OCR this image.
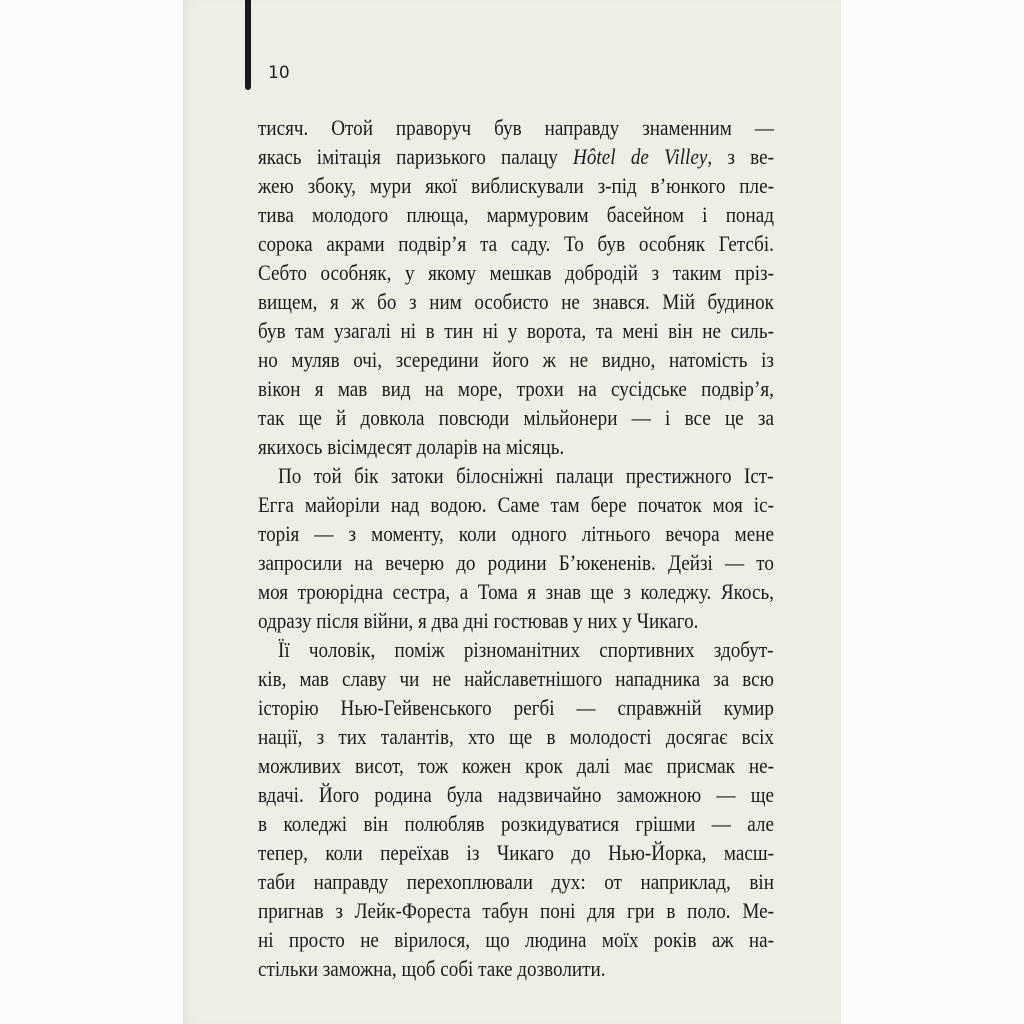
10
тисяч. Отой праворуч був направду знаменним —
якась імітація паризького палацу Hôtel de Villey, з ве-
жею збоку, мури якої виблискували з-під в’юнкого пле-
тива молодого плюща, мармуровим басейном і понад
сорока акрами подвір’я та саду. То був особняк Гетсбі.
Себто особняк, у якому мешкав добродій з таким пріз-
вищем, я ж бо з ним особисто не знався. Мій будинок
був там узагалі ні в тин ні у ворота, та мені він не силь-
но муляв очі, зсередини його ж не видно, натомість із
вікон я мав вид на море, трохи на сусідське подвір’я,
так ще й довкола повсюди мільйонери — і все це за
якихось вісімдесят доларів на місяць.
По той бік затоки білосніжні палаци престижного Іст-
Егга майоріли над водою. Саме там бере початок моя іс-
торія — з моменту, коли одного літнього вечора мене
запросили на вечерю до родини Б’юкененів. Дейзі — то
моя троюрідна сестра, а Тома я знав ще з коледжу. Якось,
одразу після війни, я два дні гостював у них у Чикаго.
Її чоловік, поміж різноманітних спортивних здобут-
ків, мав славу чи не найславетнішого нападника за всю
історію Нью-Гейвенського регбі — справжній кумир
нації, з тих талантів, хто ще в молодості досягає всіх
можливих висот, тож кожен крок далі має присмак не-
вдачі. Його родина була надзвичайно заможною — ще
в коледжі він полюбляв розкидуватися грішми — але
тепер, коли переїхав із Чикаго до Нью-Йорка, масш-
таби направду перехоплювали дух: от наприклад, він
пригнав з Лейк-Фореста табун поні для гри в поло. Ме-
ні просто не вірилося, що людина моїх років аж на-
стільки заможна, щоб собі таке дозволити.
